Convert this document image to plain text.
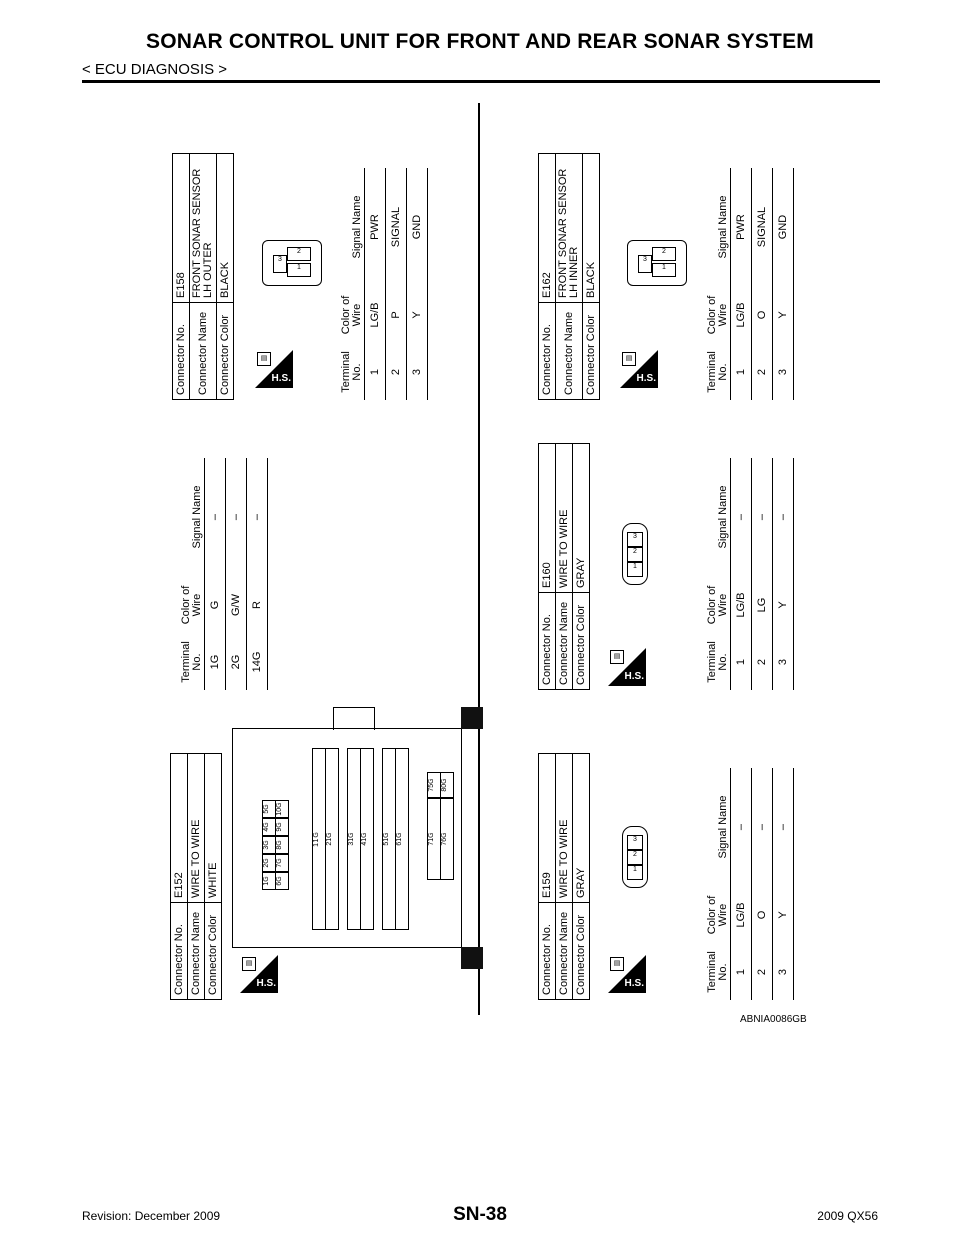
SONAR CONTROL UNIT FOR FRONT AND REAR SONAR SYSTEM
< ECU DIAGNOSIS >
Connector No.	E152
Connector Name	WIRE TO WIRE
Connector Color	WHITE
▤
H.S.
1G2G3G4G5G
6G7G8G9G10G
11G 21G	31G 41G	51G 61G	71G75G
76G80G
Terminal No.	Color of Wire	Signal Name
1G	G	–
2G	G/W	–
14G	R	–
Connector No.	E158
Connector Name	FRONT SONAR SENSOR LH OUTER
Connector Color	BLACK
▤
H.S.
3
2
1
Terminal No.	Color of Wire	Signal Name
1	LG/B	PWR
2	P	SIGNAL
3	Y	GND
Connector No.	E159
Connector Name	WIRE TO WIRE
Connector Color	GRAY
▤
H.S.
3
2
1
Terminal No.	Color of Wire	Signal Name
1	LG/B	–
2	O	–
3	Y	–
Connector No.	E160
Connector Name	WIRE TO WIRE
Connector Color	GRAY
▤
H.S.
3
2
1
Terminal No.	Color of Wire	Signal Name
1	LG/B	–
2	LG	–
3	Y	–
Connector No.	E162
Connector Name	FRONT SONAR SENSOR LH INNER
Connector Color	BLACK
▤
H.S.
3
2
1
Terminal No.	Color of Wire	Signal Name
1	LG/B	PWR
2	O	SIGNAL
3	Y	GND
ABNIA0086GB
Revision: December 2009	SN-38	2009 QX56
